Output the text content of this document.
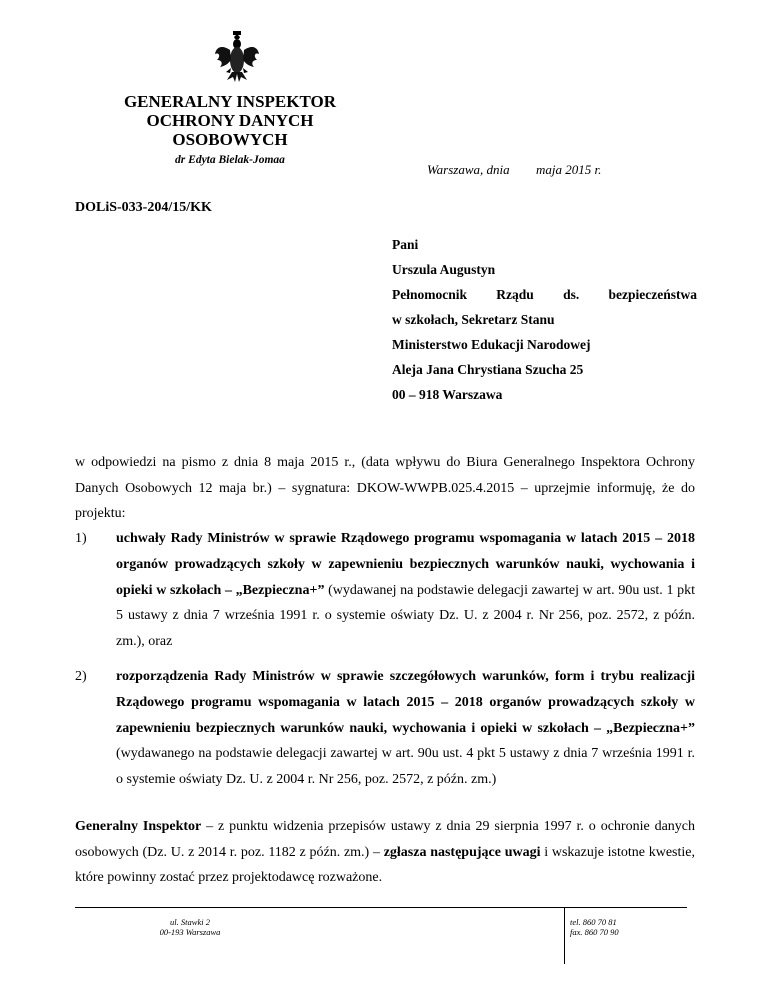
GENERALNY INSPEKTOR
OCHRONY DANYCH
OSOBOWYCH
dr Edyta Bielak-Jomaa
Warszawa, dnia maja 2015 r.
DOLiS-033-204/15/KK
Pani
Urszula Augustyn
Pełnomocnik Rządu ds. bezpieczeństwa
w szkołach, Sekretarz Stanu
Ministerstwo Edukacji Narodowej
Aleja Jana Chrystiana Szucha 25
00 – 918 Warszawa
w odpowiedzi na pismo z dnia 8 maja 2015 r., (data wpływu do Biura Generalnego Inspektora Ochrony Danych Osobowych 12 maja br.) – sygnatura: DKOW-WWPB.025.4.2015 – uprzejmie informuję, że do projektu:
1)	uchwały Rady Ministrów w sprawie Rządowego programu wspomagania w latach 2015 – 2018 organów prowadzących szkoły w zapewnieniu bezpiecznych warunków nauki, wychowania i opieki w szkołach – „Bezpieczna+” (wydawanej na podstawie delegacji zawartej w art. 90u ust. 1 pkt 5 ustawy z dnia 7 września 1991 r. o systemie oświaty Dz. U. z 2004 r. Nr 256, poz. 2572, z późn. zm.), oraz
2)	rozporządzenia Rady Ministrów w sprawie szczegółowych warunków, form i trybu realizacji Rządowego programu wspomagania w latach 2015 – 2018 organów prowadzących szkoły w zapewnieniu bezpiecznych warunków nauki, wychowania i opieki w szkołach – „Bezpieczna+” (wydawanego na podstawie delegacji zawartej w art. 90u ust. 4 pkt 5 ustawy z dnia 7 września 1991 r. o systemie oświaty Dz. U. z 2004 r. Nr 256, poz. 2572, z późn. zm.)
Generalny Inspektor – z punktu widzenia przepisów ustawy z dnia 29 sierpnia 1997 r. o ochronie danych osobowych (Dz. U. z 2014 r. poz. 1182 z późn. zm.) – zgłasza następujące uwagi i wskazuje istotne kwestie, które powinny zostać przez projektodawcę rozważone.
ul. Stawki 2
00-193 Warszawa
tel. 860 70 81
fax. 860 70 90
